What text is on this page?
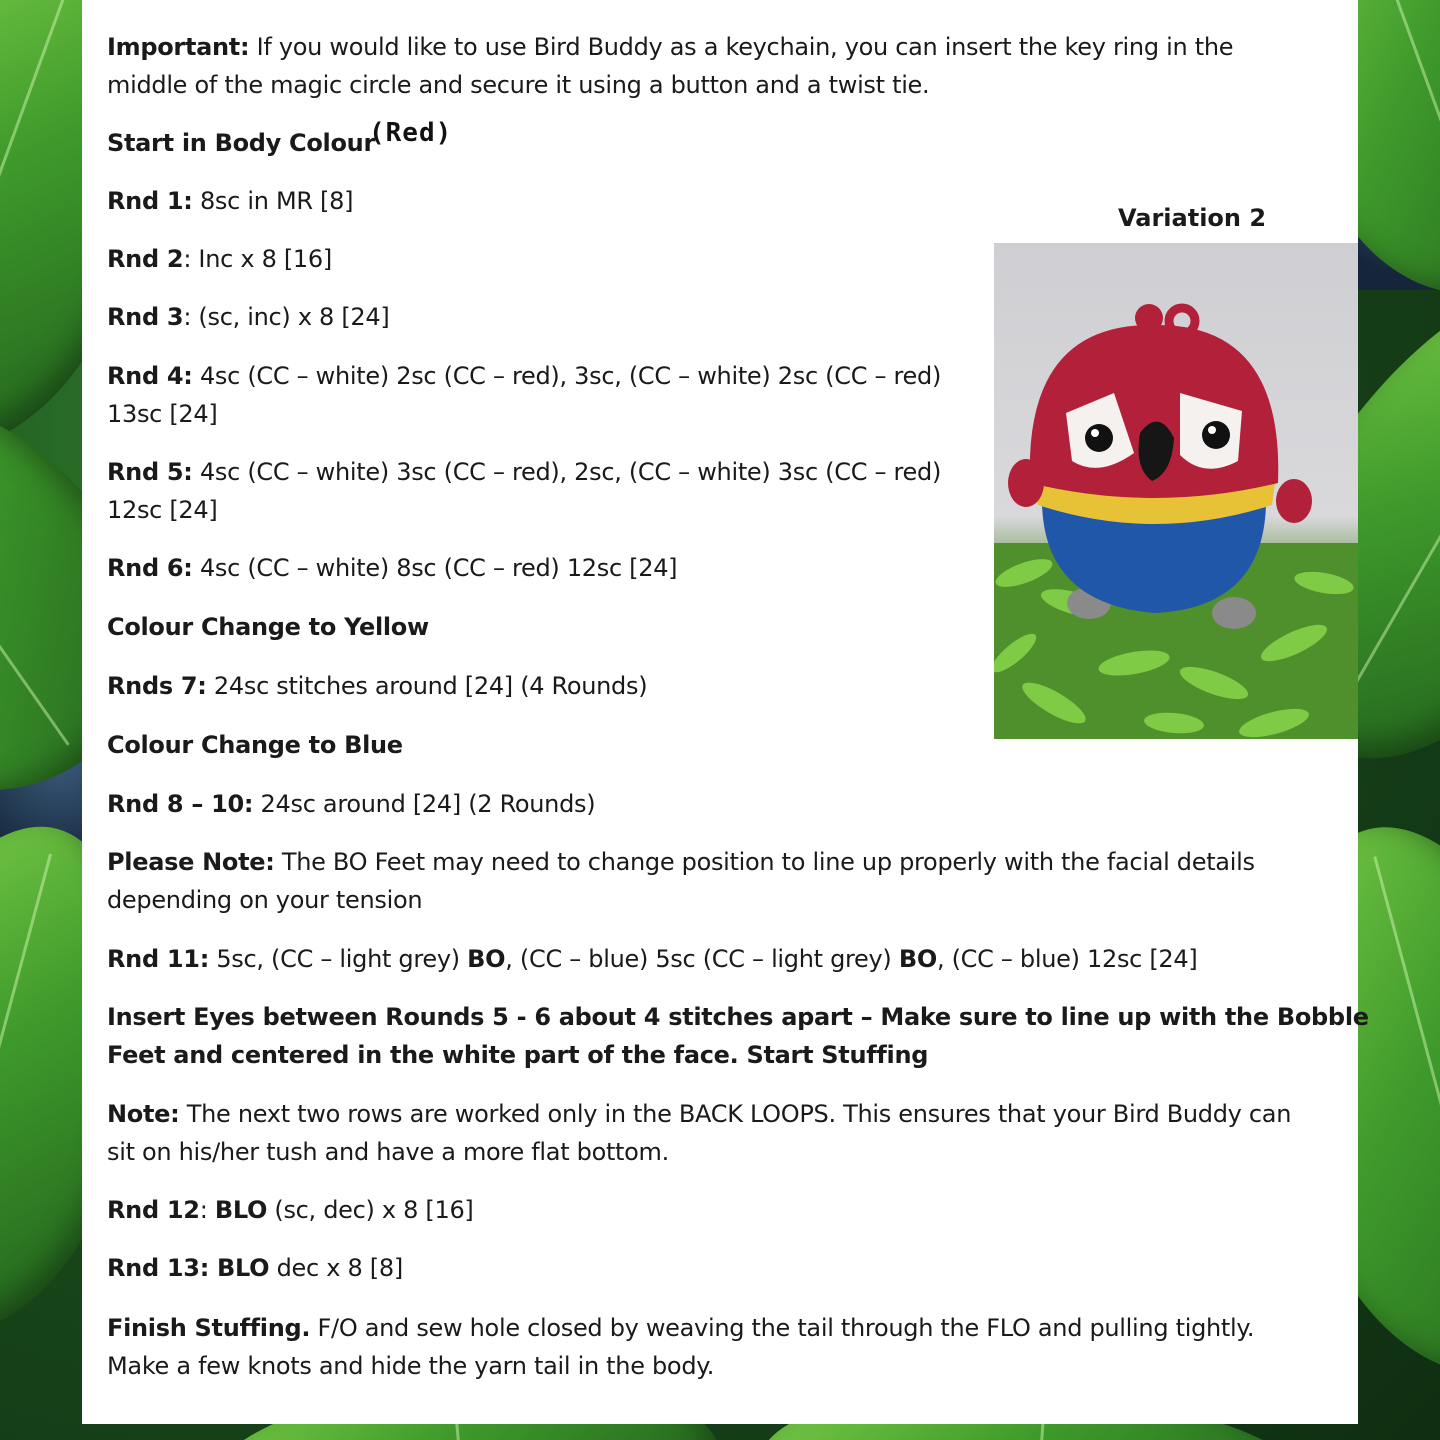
Important: If you would like to use Bird Buddy as a keychain, you can insert the key ring in the
middle of the magic circle and secure it using a button and a twist tie.

Start in Body Colour
(Red)

Rnd 1: 8sc in MR [8]

Rnd 2: Inc x 8 [16]

Rnd 3: (sc, inc) x 8 [24]

Rnd 4: 4sc (CC – white) 2sc (CC – red), 3sc, (CC – white) 2sc (CC – red)
13sc [24]

Rnd 5: 4sc (CC – white) 3sc (CC – red), 2sc, (CC – white) 3sc (CC – red)
12sc [24]

Rnd 6: 4sc (CC – white) 8sc (CC – red) 12sc [24]

Colour Change to Yellow

Rnds 7: 24sc stitches around [24] (4 Rounds)

Colour Change to Blue

Rnd 8 – 10: 24sc around [24] (2 Rounds)

Please Note: The BO Feet may need to change position to line up properly with the facial details
depending on your tension

Rnd 11: 5sc, (CC – light grey) BO, (CC – blue) 5sc (CC – light grey) BO, (CC – blue) 12sc [24]

Insert Eyes between Rounds 5 - 6 about 4 stitches apart – Make sure to line up with the Bobble
Feet and centered in the white part of the face. Start Stuffing

Note: The next two rows are worked only in the BACK LOOPS. This ensures that your Bird Buddy can
sit on his/her tush and have a more flat bottom.

Rnd 12: BLO (sc, dec) x 8 [16]

Rnd 13: BLO dec x 8 [8]

Finish Stuffing. F/O and sew hole closed by weaving the tail through the FLO and pulling tightly.
Make a few knots and hide the yarn tail in the body.

Variation 2
